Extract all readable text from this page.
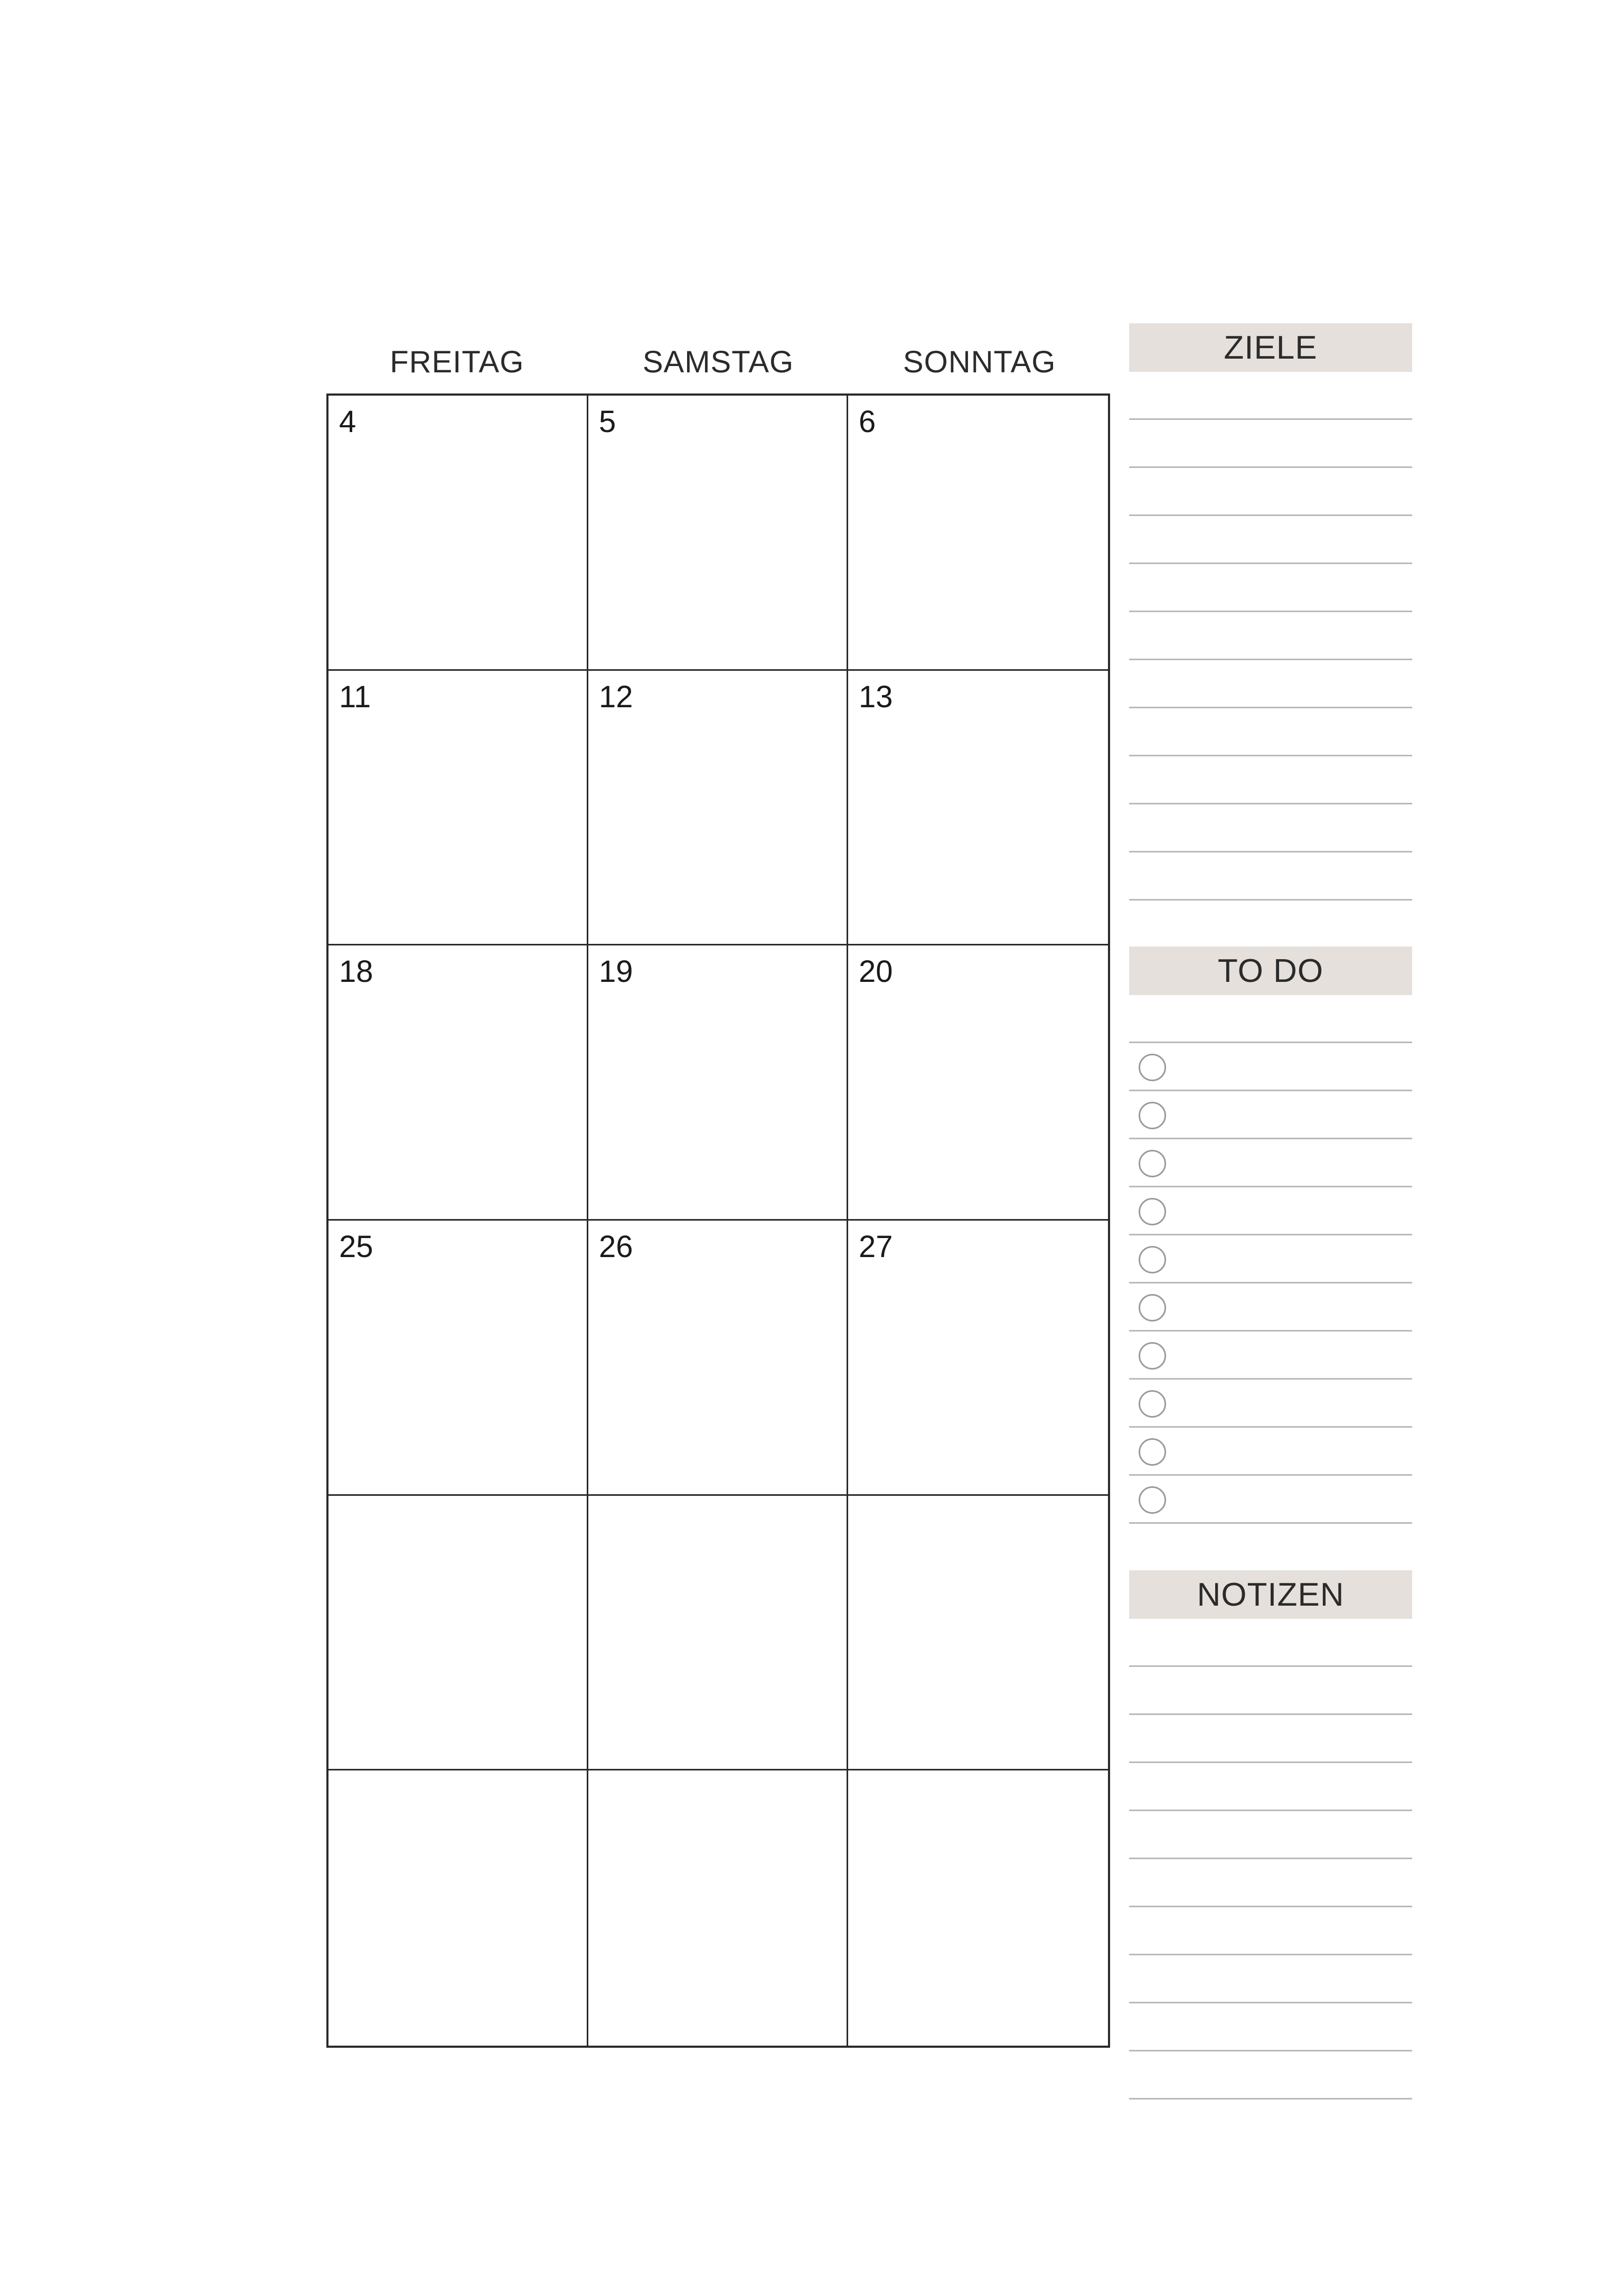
FREITAG	SAMSTAG	SONNTAG
4	5	6
11	12	13
18	19	20
25	26	27
ZIELE
TO DO
NOTIZEN
